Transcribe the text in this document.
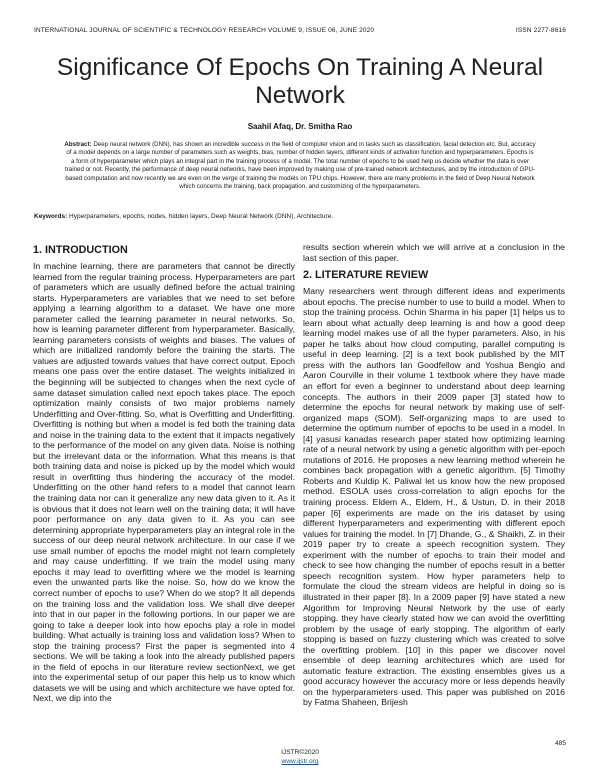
INTERNATIONAL JOURNAL OF SCIENTIFIC & TECHNOLOGY RESEARCH VOLUME 9, ISSUE 06, JUNE 2020	ISSN 2277-8616
Significance Of Epochs On Training A Neural Network
Saahil Afaq, Dr. Smitha Rao
Abstract: Deep neural network (DNN), has shown an incredible success in the field of computer vision and in tasks such as classification, facial detection etc. But, accuracy of a model depends on a large number of parameters such as weights, bias, number of hidden layers, different kinds of activation function and hyperparameters. Epochs is a form of hyperparameter which plays an integral part in the training process of a model. The total number of epochs to be used help us decide whether the data is over trained or not. Recently, the performance of deep neural networks, have been improved by making use of pre-trained network architectures, and by the introduction of GPU-based computation and now recently we are even on the verge of training the models on TPU chips. However, there are many problems in the field of Deep Neural Network which concerns the training, back propagation, and customizing of the hyperparameters.
Keywords: Hyperparameters, epochs, nodes, hidden layers, Deep Neural Network (DNN), Architecture.
1. INTRODUCTION

In machine learning, there are parameters that cannot be directly learned from the regular training process. Hyperparameters are part of parameters which are usually defined before the actual training starts. Hyperparameters are variables that we need to set before applying a learning algorithm to a dataset. We have one more parameter called the learning parameter in neural networks. So, how is learning parameter different from hyperparameter. Basically, learning parameters consists of weights and biases. The values of which are initialized randomly before the training the starts. The values are adjusted towards values that have correct output. Epoch means one pass over the entire dataset. The weights initialized in the beginning will be subjected to changes when the next cycle of same dataset simulation called next epoch takes place. The epoch optimization mainly consists of two major problems namely Underfitting and Over-fitting. So, what is Overfitting and Underfitting. Overfitting is nothing but when a model is fed both the training data and noise in the training data to the extent that it impacts negatively to the performance of the model on any given data. Noise is nothing but the irrelevant data or the information. What this means is that both training data and noise is picked up by the model which would result in overfitting thus hindering the accuracy of the model. Underfitting on the other hand refers to a model that cannot learn the training data nor can it generalize any new data given to it. As it is obvious that it does not learn well on the training data; it will have poor performance on any data given to it. As you can see determining appropriate hyperparameters play an integral role in the success of our deep neural network architecture. In our case if we use small number of epochs the model might not learn completely and may cause underfitting. If we train the model using many epochs it may lead to overfitting where we the model is learning even the unwanted parts like the noise. So, how do we know the correct number of epochs to use? When do we stop? It all depends on the training loss and the validation loss. We shall dive deeper into that in our paper in the following portions. In our paper we are going to take a deeper look into how epochs play a role in model building. What actually is training loss and validation loss? When to stop the training process? First the paper is segmented into 4 sections. We will be taking a look into the already published papers in the field of epochs in our literature review sectionNext, we get into the experimental setup of our paper this help us to know which datasets we will be using and which architecture we have opted for. Next, we dip into the

results section wherein which we will arrive at a conclusion in the last section of this paper.

2. LITERATURE REVIEW

Many researchers went through different ideas and experiments about epochs. The precise number to use to build a model. When to stop the training process. Ochin Sharma in his paper [1] helps us to learn about what actually deep learning is and how a good deep learning model makes use of all the hyper parameters. Also, in his paper he talks about how cloud computing, parallel computing is useful in deep learning. [2] is a text book published by the MIT press with the authors Ian Goodfellow and Yoshua Bengio and Aaron Courville in their volume 1 textbook where they have made an effort for even a beginner to understand about deep learning concepts. The authors in their 2009 paper [3] stated how to determine the epochs for neural network by making use of self-organized maps (SOM). Self-organizing maps to are used to determine the optimum number of epochs to be used in a model. In [4] yasusi kanadas research paper stated how optimizing learning rate of a neural network by using a genetic algorithm with per-epoch mutations of 2016. He proposes a new learning method wherein he combines back propagation with a genetic algorithm. [5] Timothy Roberts and Kuldip K. Paliwal let us know how the new proposed method. ESOLA uses cross-correlation to align epochs for the training process. Eldem A., Eldem, H., & Ustun, D. in their 2018 paper [6] experiments are made on the iris dataset by using different hyperparameters and experimenting with different epoch values for training the model. In [7] Dhande, G., & Shaikh, Z. in their 2019 paper try to create a speech recognition system. They experiment with the number of epochs to train their model and check to see how changing the number of epochs result in a better speech recognition system. How hyper parameters help to formulate the cloud the stream videos are helpful in doing so is illustrated in their paper [8]. In a 2009 paper [9] have stated a new Algorithm for Improving Neural Network by the use of early stopping. they have clearly stated how we can avoid the overfitting problem by the usage of early stopping. The algorithm of early stopping is based on fuzzy clustering which was created to solve the overfitting problem. [10] in this paper we discover novel ensemble of deep learning architectures which are used for automatic feature extraction. The existing ensembles gives us a good accuracy however the accuracy more or less depends heavily on the hyperparameters used. This paper was published on 2016 by Fatma Shaheen, Brijesh

485
IJSTR©2020
www.ijstr.org
